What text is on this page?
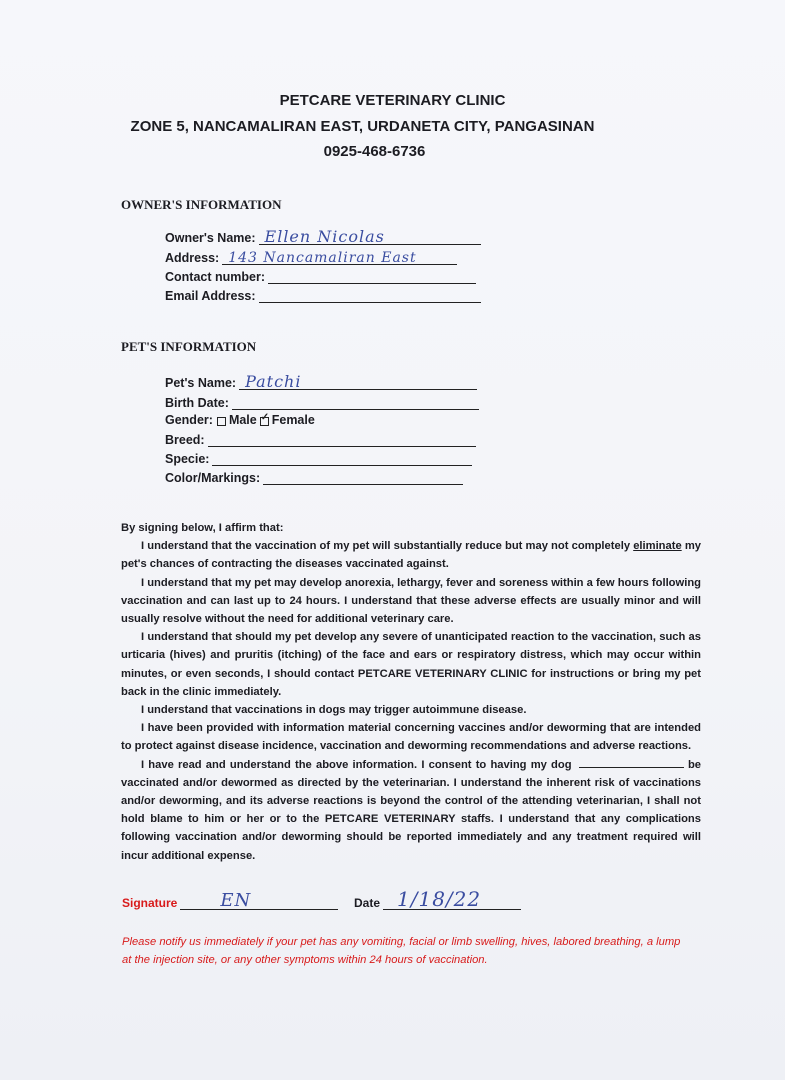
PETCARE VETERINARY CLINIC
ZONE 5, NANCAMALIRAN EAST, URDANETA CITY, PANGASINAN
0925-468-6736
OWNER'S INFORMATION
Owner's Name: Ellen Nicolas
Address: 143 Nancamaliran East
Contact number:
Email Address:
PET'S INFORMATION
Pet's Name: Patchi
Birth Date:
Gender: Male
✓ Female
Breed:
Specie:
Color/Markings:

By signing below, I affirm that:

I understand that the vaccination of my pet will substantially reduce but may not completely eliminate my pet's chances of contracting the diseases vaccinated against.

I understand that my pet may develop anorexia, lethargy, fever and soreness within a few hours following vaccination and can last up to 24 hours. I understand that these adverse effects are usually minor and will usually resolve without the need for additional veterinary care.

I understand that should my pet develop any severe of unanticipated reaction to the vaccination, such as urticaria (hives) and pruritis (itching) of the face and ears or respiratory distress, which may occur within minutes, or even seconds, I should contact PETCARE VETERINARY CLINIC for instructions or bring my pet back in the clinic immediately.

I understand that vaccinations in dogs may trigger autoimmune disease.

I have been provided with information material concerning vaccines and/or deworming that are intended to protect against disease incidence, vaccination and deworming recommendations and adverse reactions.

I have read and understand the above information. I consent to having my dog	be vaccinated and/or dewormed as directed by the veterinarian. I understand the inherent risk of vaccinations and/or deworming, and its adverse reactions is beyond the control of the attending veterinarian, I shall not hold blame to him or her or to the PETCARE VETERINARY staffs. I understand that any complications following vaccination and/or deworming should be reported immediately and any treatment required will incur additional expense.

Signature EN	Date 1/18/22
Please notify us immediately if your pet has any vomiting, facial or limb swelling, hives, labored breathing, a lump at the injection site, or any other symptoms within 24 hours of vaccination.
